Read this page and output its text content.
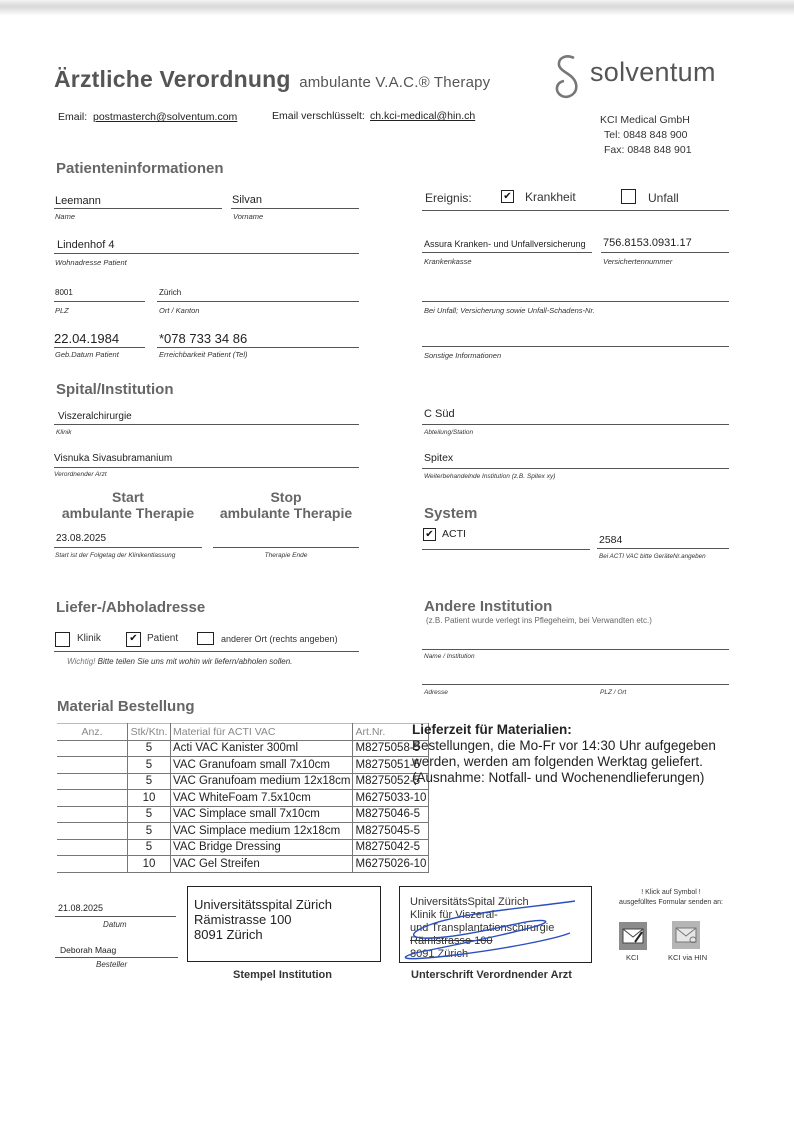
Ärztliche Verordnung ambulante V.A.C.® Therapy
Email: postmasterch@solventum.com	Email verschlüsselt: ch.kci-medical@hin.ch
solventum
KCI Medical GmbH
Tel: 0848 848 900
Fax: 0848 848 901
Patienteninformationen
Leemann
Name
Silvan
Vorname
Lindenhof 4
Wohnadresse Patient
8001
PLZ
Zürich
Ort / Kanton
22.04.1984
Geb.Datum Patient
*078 733 34 86
Erreichbarkeit Patient (Tel)
Ereignis:	✔ Krankheit	Unfall
Assura Kranken- und Unfallversicherung
Krankenkasse
756.8153.0931.17
Versichertennummer
Bei Unfall; Versicherung sowie Unfall-Schadens-Nr.
Sonstige Informationen
Spital/Institution
Viszeralchirurgie
Klinik
Visnuka Sivasubramanium
Verordnender Arzt
C Süd
Abteilung/Station
Spitex
Weiterbehandelnde Institution (z.B. Spitex xy)
Start
ambulante Therapie
Stop
ambulante Therapie
23.08.2025
Start ist der Folgetag der Klinikentlassung	Therapie Ende
System
✔ ACTI	2584
Bei ACTI VAC bitte GeräteNr.angeben
Liefer-/Abholadresse
Klinik	✔ Patient	anderer Ort (rechts angeben)
Wichtig! Bitte teilen Sie uns mit wohin wir liefern/abholen sollen.
Andere Institution
(z.B. Patient wurde verlegt ins Pflegeheim, bei Verwandten etc.)
Name / Institution
Adresse	PLZ / Ort
Material Bestellung
Anz.	Stk/Ktn.	Material für ACTI VAC	Art.Nr.
	5	Acti VAC Kanister 300ml	M8275058-5
	5	VAC Granufoam small 7x10cm	M8275051-5
	5	VAC Granufoam medium 12x18cm	M8275052-5
	10	VAC WhiteFoam 7.5x10cm	M6275033-10
	5	VAC Simplace small 7x10cm	M8275046-5
	5	VAC Simplace medium 12x18cm	M8275045-5
	5	VAC Bridge Dressing	M8275042-5
	10	VAC Gel Streifen	M6275026-10
Lieferzeit für Materialien:
Bestellungen, die Mo-Fr vor 14:30 Uhr aufgegeben
werden, werden am folgenden Werktag geliefert.
(Ausnahme: Notfall- und Wochenendlieferungen)
21.08.2025
Datum
Deborah Maag
Besteller
Universitätsspital Zürich
Rämistrasse 100
8091 Zürich
Stempel Institution
UniversitätsSpital Zürich
Klinik für Viszeral-
und Transplantationschirurgie
Rämistrasse 100
8091 Zürich
Unterschrift Verordnender Arzt
! Klick auf Symbol !
ausgefülltes Formular senden an:
KCI	KCI via HIN
